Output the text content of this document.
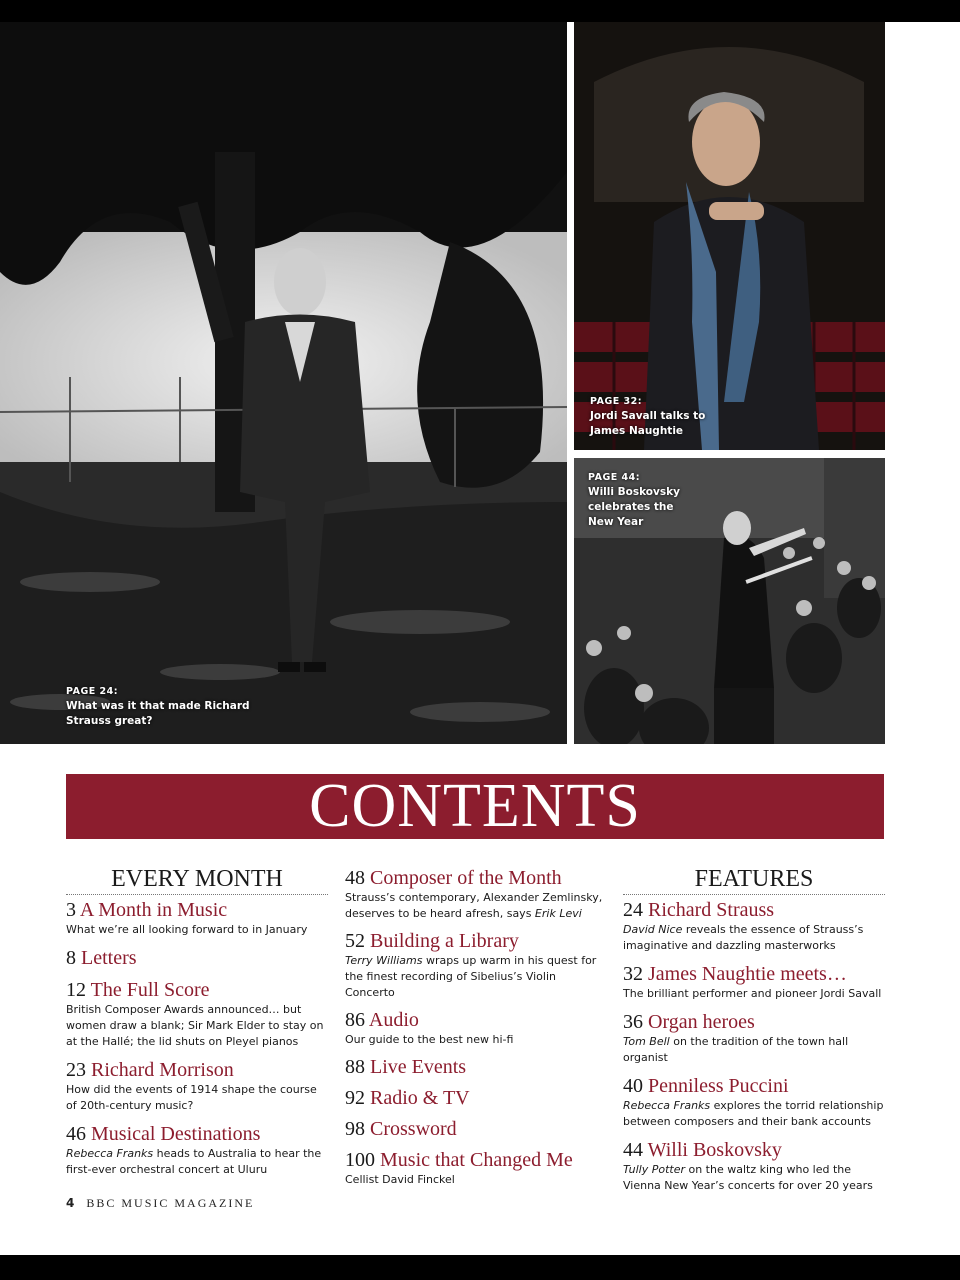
PAGE 24:
What was it that made Richard Strauss great?
PAGE 32:
Jordi Savall talks to James Naughtie
PAGE 44:
Willi Boskovsky celebrates the New Year
CONTENTS
EVERY MONTH
3 A Month in Music
What we’re all looking forward to in January
8 Letters
12 The Full Score
British Composer Awards announced… but women draw a blank; Sir Mark Elder to stay on at the Hallé; the lid shuts on Pleyel pianos
23 Richard Morrison
How did the events of 1914 shape the course of 20th-century music?
46 Musical Destinations
Rebecca Franks heads to Australia to hear the first-ever orchestral concert at Uluru
48 Composer of the Month
Strauss’s contemporary, Alexander Zemlinsky, deserves to be heard afresh, says Erik Levi
52 Building a Library
Terry Williams wraps up warm in his quest for the finest recording of Sibelius’s Violin Concerto
86 Audio
Our guide to the best new hi-fi
88 Live Events
92 Radio & TV
98 Crossword
100 Music that Changed Me
Cellist David Finckel
FEATURES
24 Richard Strauss
David Nice reveals the essence of Strauss’s imaginative and dazzling masterworks
32 James Naughtie meets…
The brilliant performer and pioneer Jordi Savall
36 Organ heroes
Tom Bell on the tradition of the town hall organist
40 Penniless Puccini
Rebecca Franks explores the torrid relationship between composers and their bank accounts
44 Willi Boskovsky
Tully Potter on the waltz king who led the Vienna New Year’s concerts for over 20 years
4 BBC MUSIC MAGAZINE
